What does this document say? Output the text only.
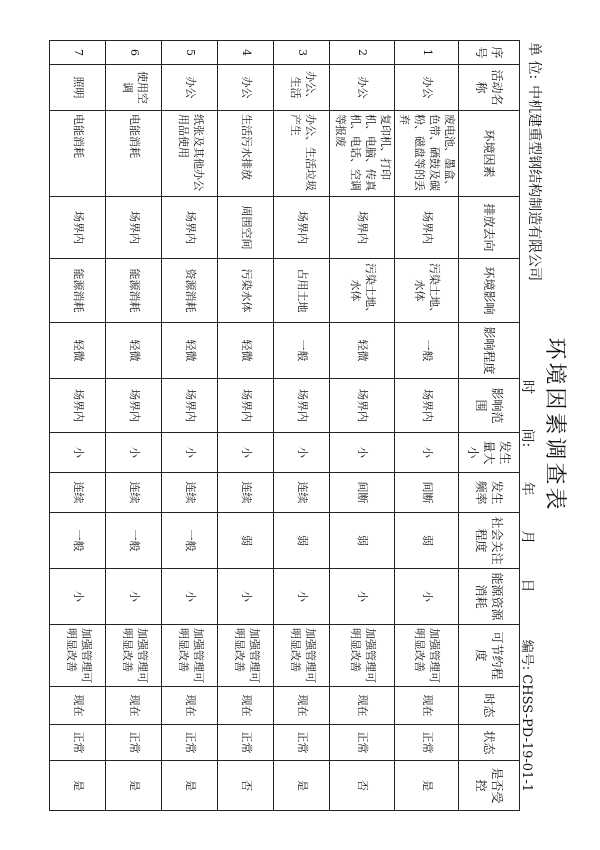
环境因素调查表
单 位:中机建重型钢结构制造有限公司
时 间: 年 月 日
编号: CHSS-PD-19-01-1
序号	活动名称	环境因素	排放去向	环境影响	影响程度	影响范围	发生量大 小	发生频率	社会关注程度	能源资源消耗	可节约程度	时态	状态	是否受控
1	办公	废电池、墨盒、色带、硒鼓及碳粉、磁盘等的丢弃	场界内	污染土地、水体	一般	场界内	小	间断	弱	小	加强管理可明显改善	现在	正常	是
2	办公	复印机、打印机、电脑、传真机、电话、空调等报废	场界内	污染土地、水体	轻微	场界内	小	间断	弱	小	加强管理可明显改善	现在	正常	否
3	办公、生活	办公、生活垃圾产生	场界内	占用土地	一般	场界内	小	连续	弱	小	加强管理可明显改善	现在	正常	是
4	办公	生活污水排放	周围空间	污染水体	轻微	场界内	小	连续	弱	小	加强管理可明显改善	现在	正常	否
5	办公	纸张及其他办公用品使用	场界内	资源消耗	轻微	场界内	小	连续	一般	小	加强管理可明显改善	现在	正常	是
6	使用空调	电能消耗	场界内	能源消耗	轻微	场界内	小	连续	一般	小	加强管理可明显改善	现在	正常	是
7	照明	电能消耗	场界内	能源消耗	轻微	场界内	小	连续	一般	小	加强管理可明显改善	现在	正常	是
